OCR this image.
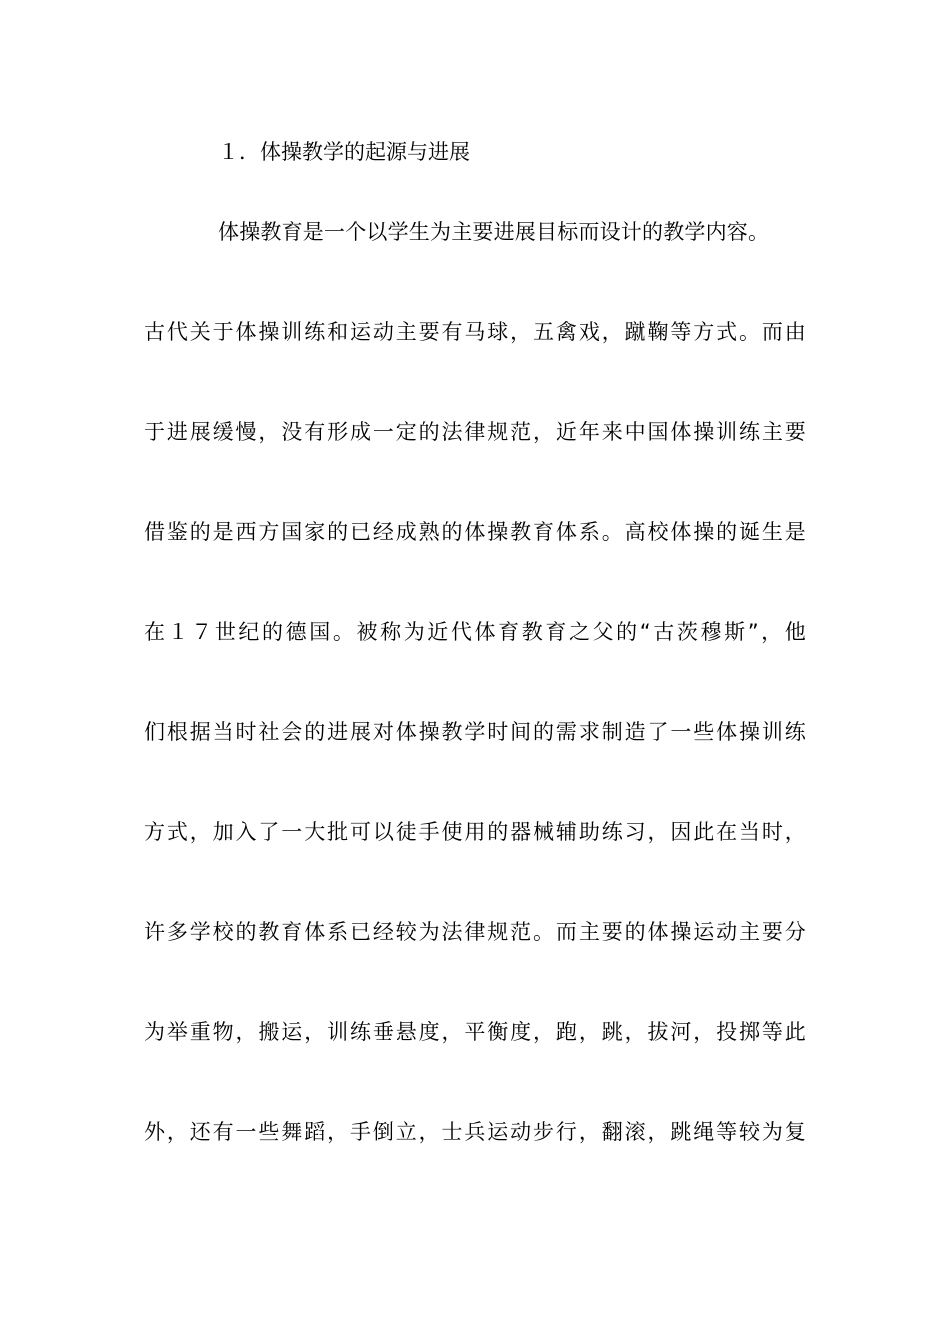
１．体操教学的起源与进展
体操教育是一个以学生为主要进展目标而设计的教学内容。
古代关于体操训练和运动主要有马球，五禽戏，蹴鞠等方式。而由
于进展缓慢，没有形成一定的法律规范，近年来中国体操训练主要
借鉴的是西方国家的已经成熟的体操教育体系。高校体操的诞生是
在１７世纪的德国。被称为近代体育教育之父的“古茨穆斯”，他
们根据当时社会的进展对体操教学时间的需求制造了一些体操训练
方式，加入了一大批可以徒手使用的器械辅助练习，因此在当时，
许多学校的教育体系已经较为法律规范。而主要的体操运动主要分
为举重物，搬运，训练垂悬度，平衡度，跑，跳，拔河，投掷等此
外，还有一些舞蹈，手倒立，士兵运动步行，翻滚，跳绳等较为复
